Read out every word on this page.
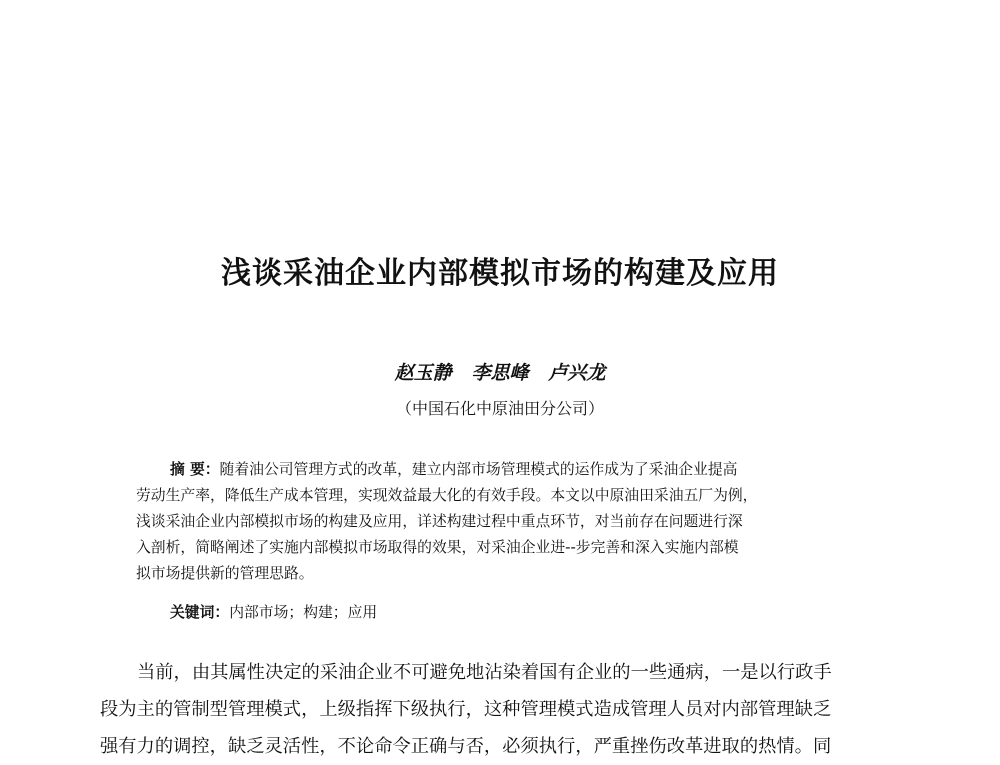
浅谈采油企业内部模拟市场的构建及应用
赵玉静   李思峰   卢兴龙
（中国石化中原油田分公司）
摘 要：随着油公司管理方式的改革，建立内部市场管理模式的运作成为了采油企业提高
劳动生产率，降低生产成本管理，实现效益最大化的有效手段。本文以中原油田采油五厂为例，
浅谈采油企业内部模拟市场的构建及应用，详述构建过程中重点环节，对当前存在问题进行深
入剖析，简略阐述了实施内部模拟市场取得的效果，对采油企业进--步完善和深入实施内部模
拟市场提供新的管理思路。
关键词：内部市场；构建；应用
当前，由其属性决定的采油企业不可避免地沾染着国有企业的一些通病，一是以行政手
段为主的管制型管理模式，上级指挥下级执行，这种管理模式造成管理人员对内部管理缺乏
强有力的调控，缺乏灵活性，不论命令正确与否，必须执行，严重挫伤改革进取的热情。同
